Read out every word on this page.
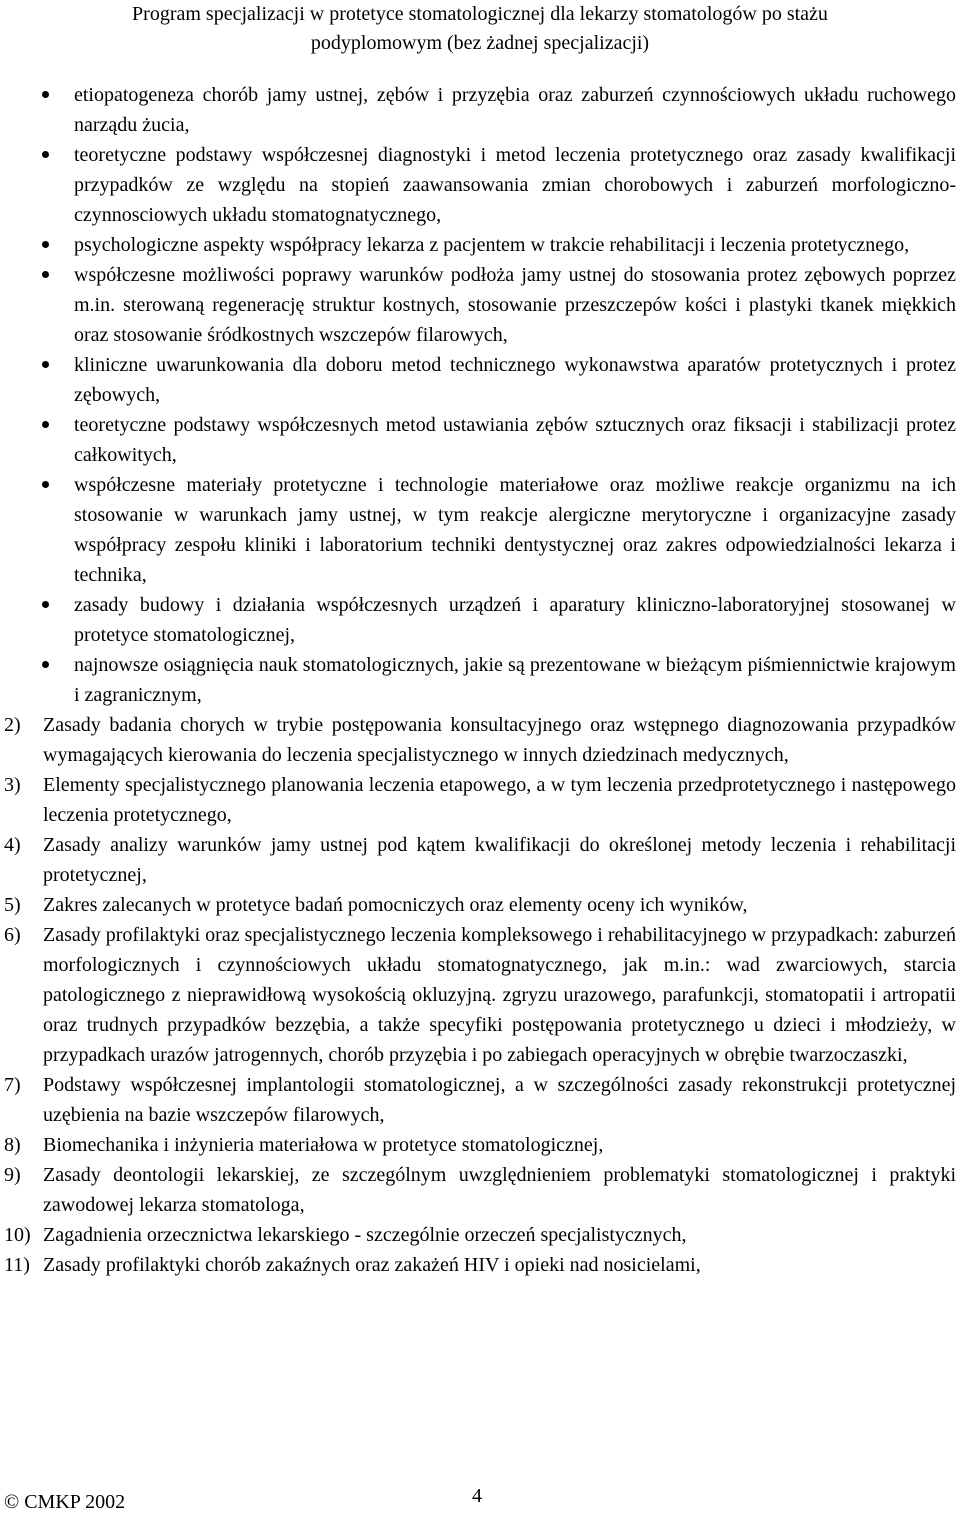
Program specjalizacji w protetyce stomatologicznej dla lekarzy stomatologów po stażu
podyplomowym (bez żadnej specjalizacji)
etiopatogeneza chorób jamy ustnej, zębów i przyzębia oraz zaburzeń czynnościowych układu ruchowego narządu żucia,
teoretyczne podstawy współczesnej diagnostyki i metod leczenia protetycznego oraz zasady kwalifikacji przypadków ze względu na stopień zaawansowania zmian chorobowych i zaburzeń morfologiczno-czynnosciowych układu stomatognatycznego,
psychologiczne aspekty współpracy lekarza z pacjentem w trakcie rehabilitacji i leczenia protetycznego,
współczesne możliwości poprawy warunków podłoża jamy ustnej do stosowania protez zębowych poprzez m.in. sterowaną regenerację struktur kostnych, stosowanie przeszczepów kości i plastyki tkanek miękkich oraz stosowanie śródkostnych wszczepów filarowych,
kliniczne uwarunkowania dla doboru metod technicznego wykonawstwa aparatów protetycznych i protez zębowych,
teoretyczne podstawy współczesnych metod ustawiania zębów sztucznych oraz fiksacji i stabilizacji protez całkowitych,
współczesne materiały protetyczne i technologie materiałowe oraz możliwe reakcje organizmu na ich stosowanie w warunkach jamy ustnej, w tym reakcje alergiczne merytoryczne i organizacyjne zasady współpracy zespołu kliniki i laboratorium techniki dentystycznej oraz zakres odpowiedzialności lekarza i technika,
zasady budowy i działania współczesnych urządzeń i aparatury kliniczno-laboratoryjnej stosowanej w protetyce stomatologicznej,
najnowsze osiągnięcia nauk stomatologicznych, jakie są prezentowane w bieżącym piśmiennictwie krajowym i zagranicznym,
2) Zasady badania chorych w trybie postępowania konsultacyjnego oraz wstępnego diagnozowania przypadków wymagających kierowania do leczenia specjalistycznego w innych dziedzinach medycznych,
3) Elementy specjalistycznego planowania leczenia etapowego, a w tym leczenia przedprotetycznego i następowego leczenia protetycznego,
4) Zasady analizy warunków jamy ustnej pod kątem kwalifikacji do określonej metody leczenia i rehabilitacji protetycznej,
5) Zakres zalecanych w protetyce badań pomocniczych oraz elementy oceny ich wyników,
6) Zasady profilaktyki oraz specjalistycznego leczenia kompleksowego i rehabilitacyjnego w przypadkach: zaburzeń morfologicznych i czynnościowych układu stomatognatycznego, jak m.in.: wad zwarciowych, starcia patologicznego z nieprawidłową wysokością okluzyjną. zgryzu urazowego, parafunkcji, stomatopatii i artropatii oraz trudnych przypadków bezzębia, a także specyfiki postępowania protetycznego u dzieci i młodzieży, w przypadkach urazów jatrogennych, chorób przyzębia i po zabiegach operacyjnych w obrębie twarzoczaszki,
7) Podstawy współczesnej implantologii stomatologicznej, a w szczególności zasady rekonstrukcji protetycznej uzębienia na bazie wszczepów filarowych,
8) Biomechanika i inżynieria materiałowa w protetyce stomatologicznej,
9) Zasady deontologii lekarskiej, ze szczególnym uwzględnieniem problematyki stomatologicznej i praktyki zawodowej lekarza stomatologa,
10) Zagadnienia orzecznictwa lekarskiego - szczególnie orzeczeń specjalistycznych,
11) Zasady profilaktyki chorób zakaźnych oraz zakażeń HIV i opieki nad nosicielami,
© CMKP 2002	4
